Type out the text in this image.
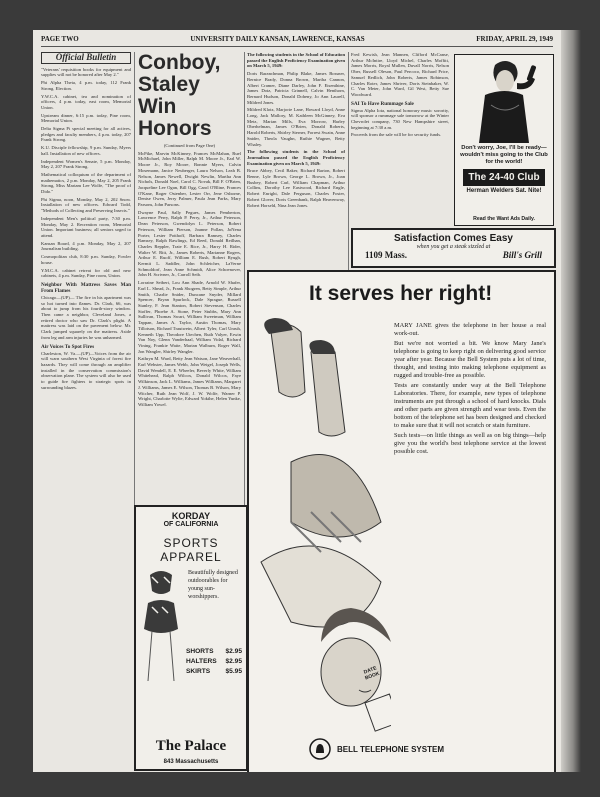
PAGE TWO	UNIVERSITY DAILY KANSAN, LAWRENCE, KANSAS	FRIDAY, APRIL 29, 1949
Official Bulletin

"Veterans' requisition books for equipment and supplies will not be honored after May 2."

Phi Alpha Theta, 4 p.m. today, 112 Frank Strong. Election.

Y.W.C.A. cabinet, tea and nomination of officers, 4 p.m. today, east room, Memorial Union.

Upstream dinner, 6:15 p.m. today, Pine room, Memorial Union.

Delta Sigma Pi special meeting for all actives, pledges and faculty members, 4 p.m. today, 207 Frank Strong.

K.U. Disciple fellowship, 9 p.m. Sunday, Myers hall. Installation of new officers.

Independent Women's Senate, 5 p.m. Monday, May 2, 207 Frank Strong.

Mathematical colloquium of the department of mathematics, 2 p.m. Monday, May 2, 205 Frank Strong, Miss Mariam Lee Wolfe, "The proof of Dido."

Phi Sigma, noon, Monday, May 2, 202 Snow. Installation of new officers. Edward Todd, "Methods of Collecting and Preserving Insects."

Independent Men's political party, 7:30 p.m. Monday, May 2. Recreation room, Memorial Union. Important business; all seniors urged to attend.

Kansan Board, 4 p.m. Monday, May 2, 207 Journalism building.

Cosmopolitan club, 8:30 p.m. Sunday, Fowler house.

Y.M.C.A. cabinet retreat for old and new cabinets, 4 p.m. Sunday, Pine room, Union.

Neighbor With Mattress Saves Man From Flames

Chicago—(UP)— The fire in his apartment was so hot turned into flames. Dr. Clark, 66, was about to jump from his fourth-story window. Then came a neighbor, Cleveland Jones, a retired doctor who saw Dr. Clark's plight. A mattress was laid on the pavement below. Mr. Clark jumped squarely on the mattress. Aside from leg and arm injuries he was unharmed.

Air Voices To Spot Fires

Charleston, W. Va.—(UP)—Voices from the air will warn southern West Virginia of forest fire hazards. They will come through an amplifier installed in the conservation commission's observation plane. The system will also be used to guide fire fighters to strategic spots in surrounding blazes.

Conboy, Staley Win Honors

(Continued from Page One)

McPike, Marvin McKinney, Frances McMahan, Ruel McMichael, John Miller, Ralph M. Moore Jr., Earl W. Moore Jr., Roy Moore, Bonnie Myers, Calvin Mosemann, Janice Neuberger, Laura Nelson, Leah B. Nelson, James Newell, Dwight Newlin, Martha Ann Nichols, Donald Noel, Carol C. Novak, Bill F. O'Brien, Jacqueline Lee Ogan, Bill Ogg, Carol O'Bline, Frances O'Kane, Roger Ostenber, Lester Orr, Jene Osborne, Denise Owen, Jerry Palmer, Paula Jean Parks, Mary Parsons, John Parsons.

Dwayne Paul, Sally Pegues, James Pemberton, Lawrence Perry, Ralph P. Perry, Jr., Arthur Peterson, Dean Peterson, Gwendolyn L. Peterson, Robert Peterson, William Pierson, Joanne Pollan, JoNena Porter, Lester Potthoff, Barbara Ramsey, Charles Ramsey, Ralph Rawlings, Ed Reed, Donald Reilhan, Charles Reppler, Traie E. Rice, Jr., Harry H. Rider, Walter W. Ritt, Jr., James Roberts, Marianne Rogers, Arthur E. Ruoff, William E. Rush, Robert Ryugh, Kermit L. Saddler, John Schleicher, LaVerne Schmoldorf, Jean Anne Schmidt, Alice Schoenover, John H. Scrivner, Jr., Carroll Seib.

Lorraine Seibert, Lou Ann Shade, Arnold W. Shafer, Earl L. Shead, Jr., Frank Shogren, Betty Simple, Arthur Smith, Charlie Snider, Duncane Snyder, Millard Spencer, Bryan Spurlock, Dale Sprague, Russell Stanley, F. Jean Stanton, Robert Stevenson, Charles Stoffer, Phoebe A. Stone, Peter Stubbs, Mary Ann Sullivan, Thomas Swart, William Sweetman, William Tappan, James A. Taylor, Austin Thomas, Mary Tillotson, Richard Trautwein, Albert Tyler, Carl Unruh, Kenneth Upp, Theodore Utechen, Ruth Valyer, Erwin Van Noy, Glenn Vanderhaal, William Vidal, Richard Vining, Frankie Waite, Marian Walburn, Roger Wall, Jon Wangler, Shirley Wangler.

Kathryn M. Ward, Betty Jean Watson, Jane Weaverhall, Earl Webster, James Webb, John Weigel, Joseph Wells, David Wendell, E. E. Wheeler, Beverly White, William Whitehead, Ralph Wilcox, Donald Wilcox, Faye Wilkinson, Jack L. Williams, James Williams, Margaret J. Williams, James E. Wilson, Thomas B. Wilson, Mary Witcher, Ruth Jean Wolf, J. W. Wolfe, Warner P. Wright, Charlotte Wylie, Edward Yokthe, Helen Yunke, William Yowel.

The following students in the School of Education passed the English Proficiency Examination given on March 5, 1949:

Doris Baranchman, Philip Blake, James Bossner, Bernice Brady, Donna Brown, Martha Cannon, Albert Cramer, Diane Darley, John F. Eisenthine, James Dotz, Patricia Grinnell, Calvin Henthorn, Bernard Hudson, Donald Doheny, Jo Ann Laurell, Mildred Jones.

Mildred Klotz, Marjorie Lane, Howard Lloyd, Anne Long, Jack Mallory, M. Kathleen McGinney, Eva Metz, Marian Mills, Eva Morrow, Harley Oberhelman, James O'Brien, Donald Roberts, Harold Roberts, Shirley Sterner, Forrest Swain, Anne Snider, Theola Vaughn, Ruthie Wagner, Betty Whaley.

The following students in the School of Journalism passed the English Proficiency Examination given on March 5, 1949:

Bruce Abbey, Cecil Baker, Richard Barton, Robert Benne, Lyle Brown, George L. Brown, Jr., Joan Busbey, Robert Carl, William Chapman, Arthur Collins, Dorothy Lee Eastwood, Richard Engle, Robert Enright, Dale Ferguson, Charles Foster, Robert Glover, Doris Greenbank, Ralph Heavenway, Robert Horseld, Nina Jean Jones.

Fred Kewish, Jean Mannen, Clifford McCanse, Arthur McIntire, Lloyd Michel, Charles Moffitt, James Morris, Royal Mullen, Duvall Norris, Nelson Ober, Russell Oleson, Paul Percoco, Richard Price, Samuel Redlich, John Roberts, James Robinson, Charles Roter, James Shriver, Doris Steinbaker, W. C. Van Meter, John Ward, Gil West, Betty Sue Woodward.

SAI To Have Rummage Sale

Sigma Alpha Iota, national honorary music sorority, will sponsor a rummage sale tomorrow at the Winter Chevrolet company, 730 New Hampshire street, beginning at 7:30 a.m.

Proceeds from the sale will be for security funds.

Don't worry, Joe, I'll be ready—wouldn't miss going to the Club for the world!
The 24-40 Club
Herman Welders Sat. Nite!
Read the Want Ads Daily.
Satisfaction Comes Easy
when you get a steak sizzled at
1109 Mass.	Bill's Grill
It serves her right!
DATE BOOK

MARY JANE gives the telephone in her house a real work-out.

But we're not worried a bit. We know Mary Jane's telephone is going to keep right on delivering good service year after year. Because the Bell System puts a lot of time, thought, and testing into making telephone equipment as rugged and trouble-free as possible.

Tests are constantly under way at the Bell Telephone Laboratories. There, for example, new types of telephone instruments are put through a school of hard knocks. Dials and other parts are given strength and wear tests. Even the bottom of the telephone set has been designed and checked to make sure that it will not scratch or stain furniture.

Such tests—on little things as well as on big things—help give you the world's best telephone service at the lowest possible cost.

BELL TELEPHONE SYSTEM
KORDAY
OF CALIFORNIA
SPORTS APPAREL
Beautifully designed outdoorables for young sun-worshippers.
SHORTS $2.95
HALTERS $2.95
SKIRTS $5.95
The Palace
843 Massachusetts
